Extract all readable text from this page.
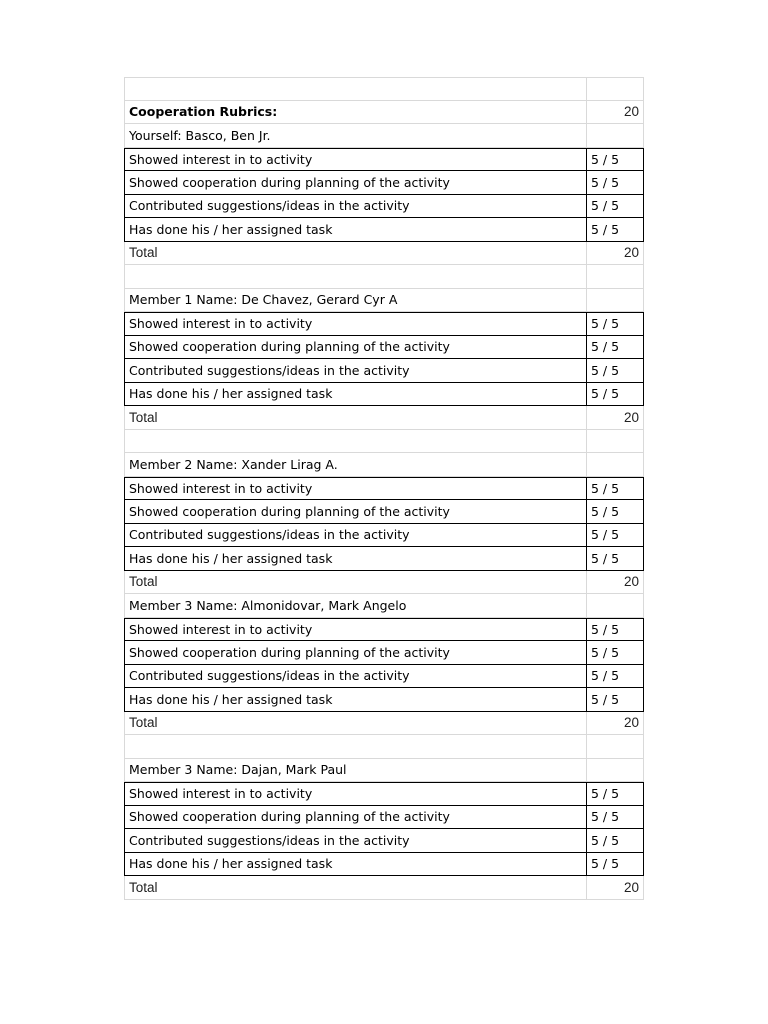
Cooperation Rubrics:	20
Yourself: Basco, Ben Jr.
Showed interest in to activity	5 / 5
Showed cooperation during planning of the activity	5 / 5
Contributed suggestions/ideas in the activity	5 / 5
Has done his / her assigned task	5 / 5
Total	20
Member 1 Name: De Chavez, Gerard Cyr A
Showed interest in to activity	5 / 5
Showed cooperation during planning of the activity	5 / 5
Contributed suggestions/ideas in the activity	5 / 5
Has done his / her assigned task	5 / 5
Total	20
Member 2 Name: Xander Lirag A.
Showed interest in to activity	5 / 5
Showed cooperation during planning of the activity	5 / 5
Contributed suggestions/ideas in the activity	5 / 5
Has done his / her assigned task	5 / 5
Total	20
Member 3 Name: Almonidovar, Mark Angelo
Showed interest in to activity	5 / 5
Showed cooperation during planning of the activity	5 / 5
Contributed suggestions/ideas in the activity	5 / 5
Has done his / her assigned task	5 / 5
Total	20
Member 3 Name: Dajan, Mark Paul
Showed interest in to activity	5 / 5
Showed cooperation during planning of the activity	5 / 5
Contributed suggestions/ideas in the activity	5 / 5
Has done his / her assigned task	5 / 5
Total	20
